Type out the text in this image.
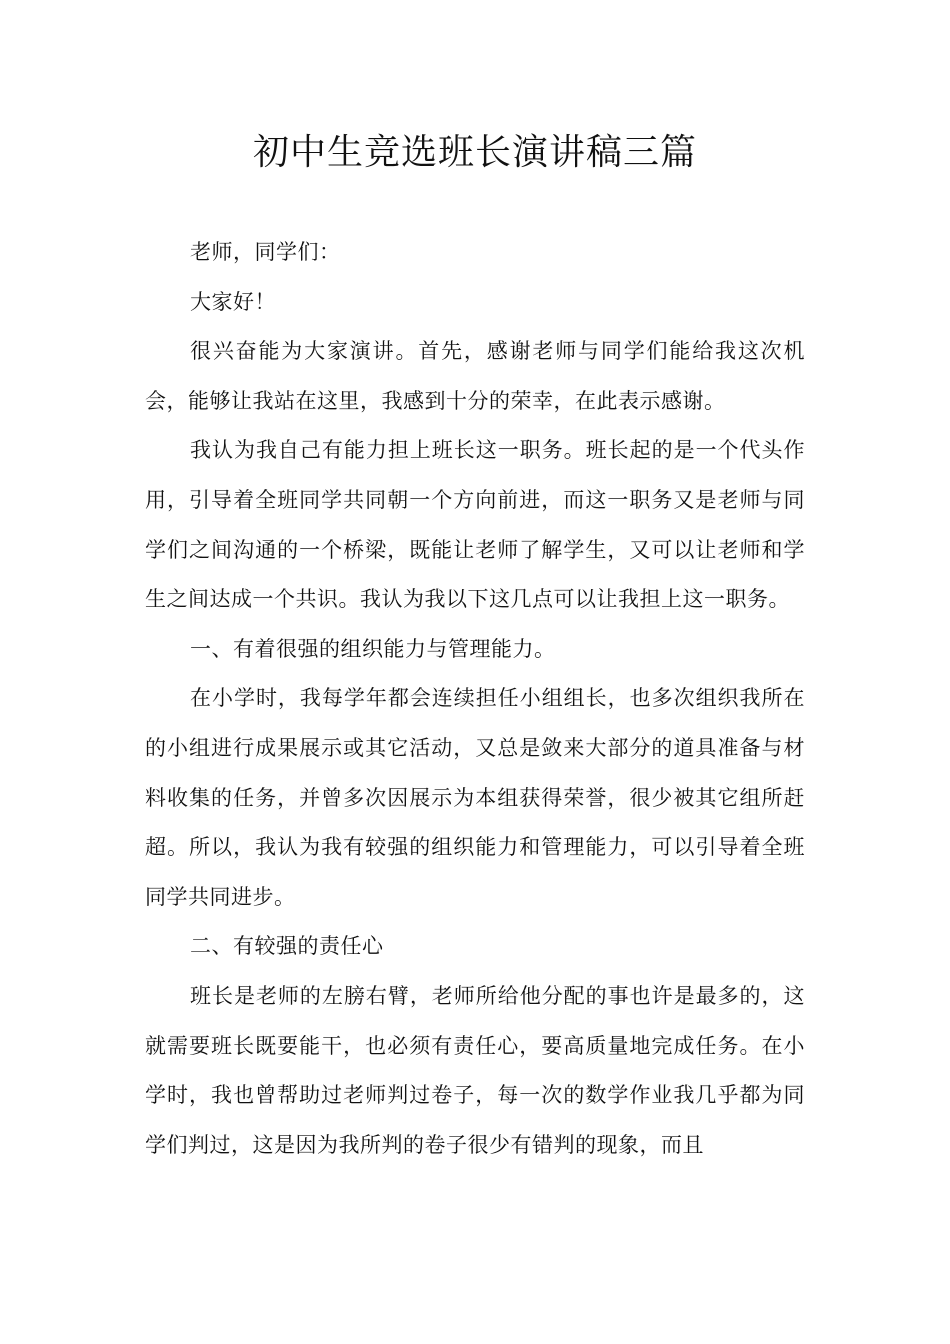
初中生竞选班长演讲稿三篇

老师，同学们：

大家好！

很兴奋能为大家演讲。首先，感谢老师与同学们能给我这次机会，能够让我站在这里，我感到十分的荣幸，在此表示感谢。

我认为我自己有能力担上班长这一职务。班长起的是一个代头作用，引导着全班同学共同朝一个方向前进，而这一职务又是老师与同学们之间沟通的一个桥梁，既能让老师了解学生，又可以让老师和学生之间达成一个共识。我认为我以下这几点可以让我担上这一职务。

一、有着很强的组织能力与管理能力。

在小学时，我每学年都会连续担任小组组长，也多次组织我所在的小组进行成果展示或其它活动，又总是敛来大部分的道具准备与材料收集的任务，并曾多次因展示为本组获得荣誉，很少被其它组所赶超。所以，我认为我有较强的组织能力和管理能力，可以引导着全班同学共同进步。

二、有较强的责任心

班长是老师的左膀右臂，老师所给他分配的事也许是最多的，这就需要班长既要能干，也必须有责任心，要高质量地完成任务。在小学时，我也曾帮助过老师判过卷子，每一次的数学作业我几乎都为同学们判过，这是因为我所判的卷子很少有错判的现象，而且
